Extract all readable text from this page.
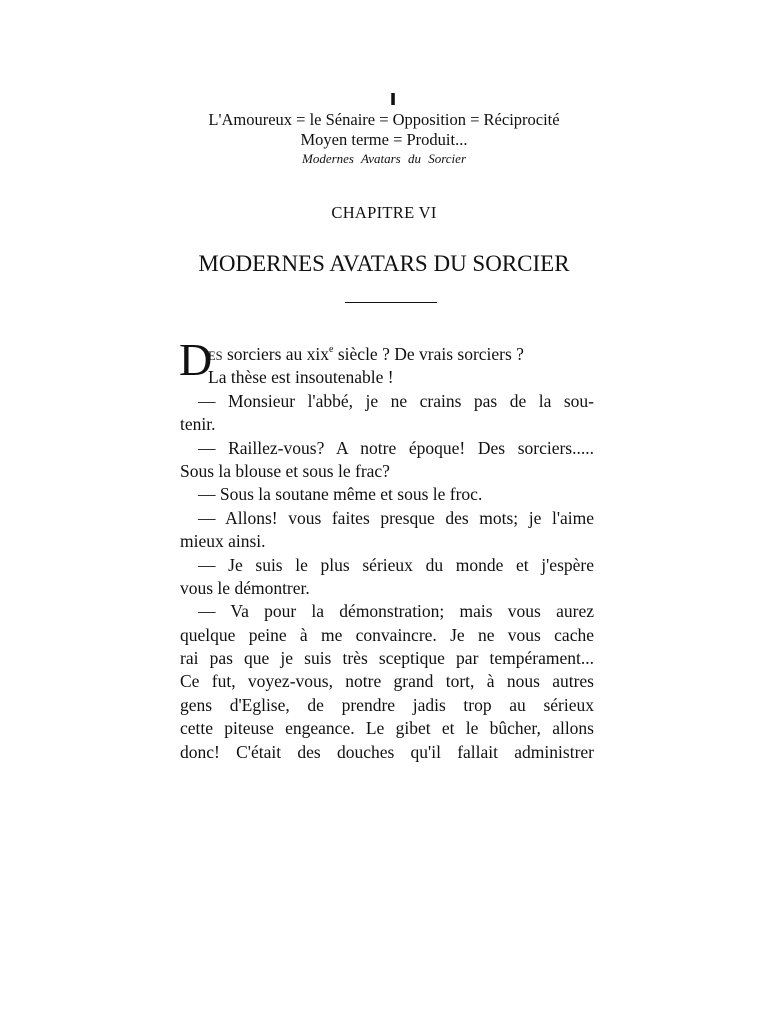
ו
L'Amoureux = le Sénaire = Opposition = Réciprocité
Moyen terme = Produit...
Modernes Avatars du Sorcier
CHAPITRE VI
MODERNES AVATARS DU SORCIER
D
ES sorciers au xix$^e$ siècle ? De vrais sorciers ?
La thèse est insoutenable !
— Monsieur l'abbé, je ne crains pas de la sou-
tenir.
— Raillez-vous? A notre époque! Des sorciers.....
Sous la blouse et sous le frac?
— Sous la soutane même et sous le froc.
— Allons! vous faites presque des mots; je l'aime
mieux ainsi.
— Je suis le plus sérieux du monde et j'espère
vous le démontrer.
— Va pour la démonstration; mais vous aurez
quelque peine à me convaincre. Je ne vous cache
rai pas que je suis très sceptique par tempérament...
Ce fut, voyez-vous, notre grand tort, à nous autres
gens d'Eglise, de prendre jadis trop au sérieux
cette piteuse engeance. Le gibet et le bûcher, allons
donc! C'était des douches qu'il fallait administrer
